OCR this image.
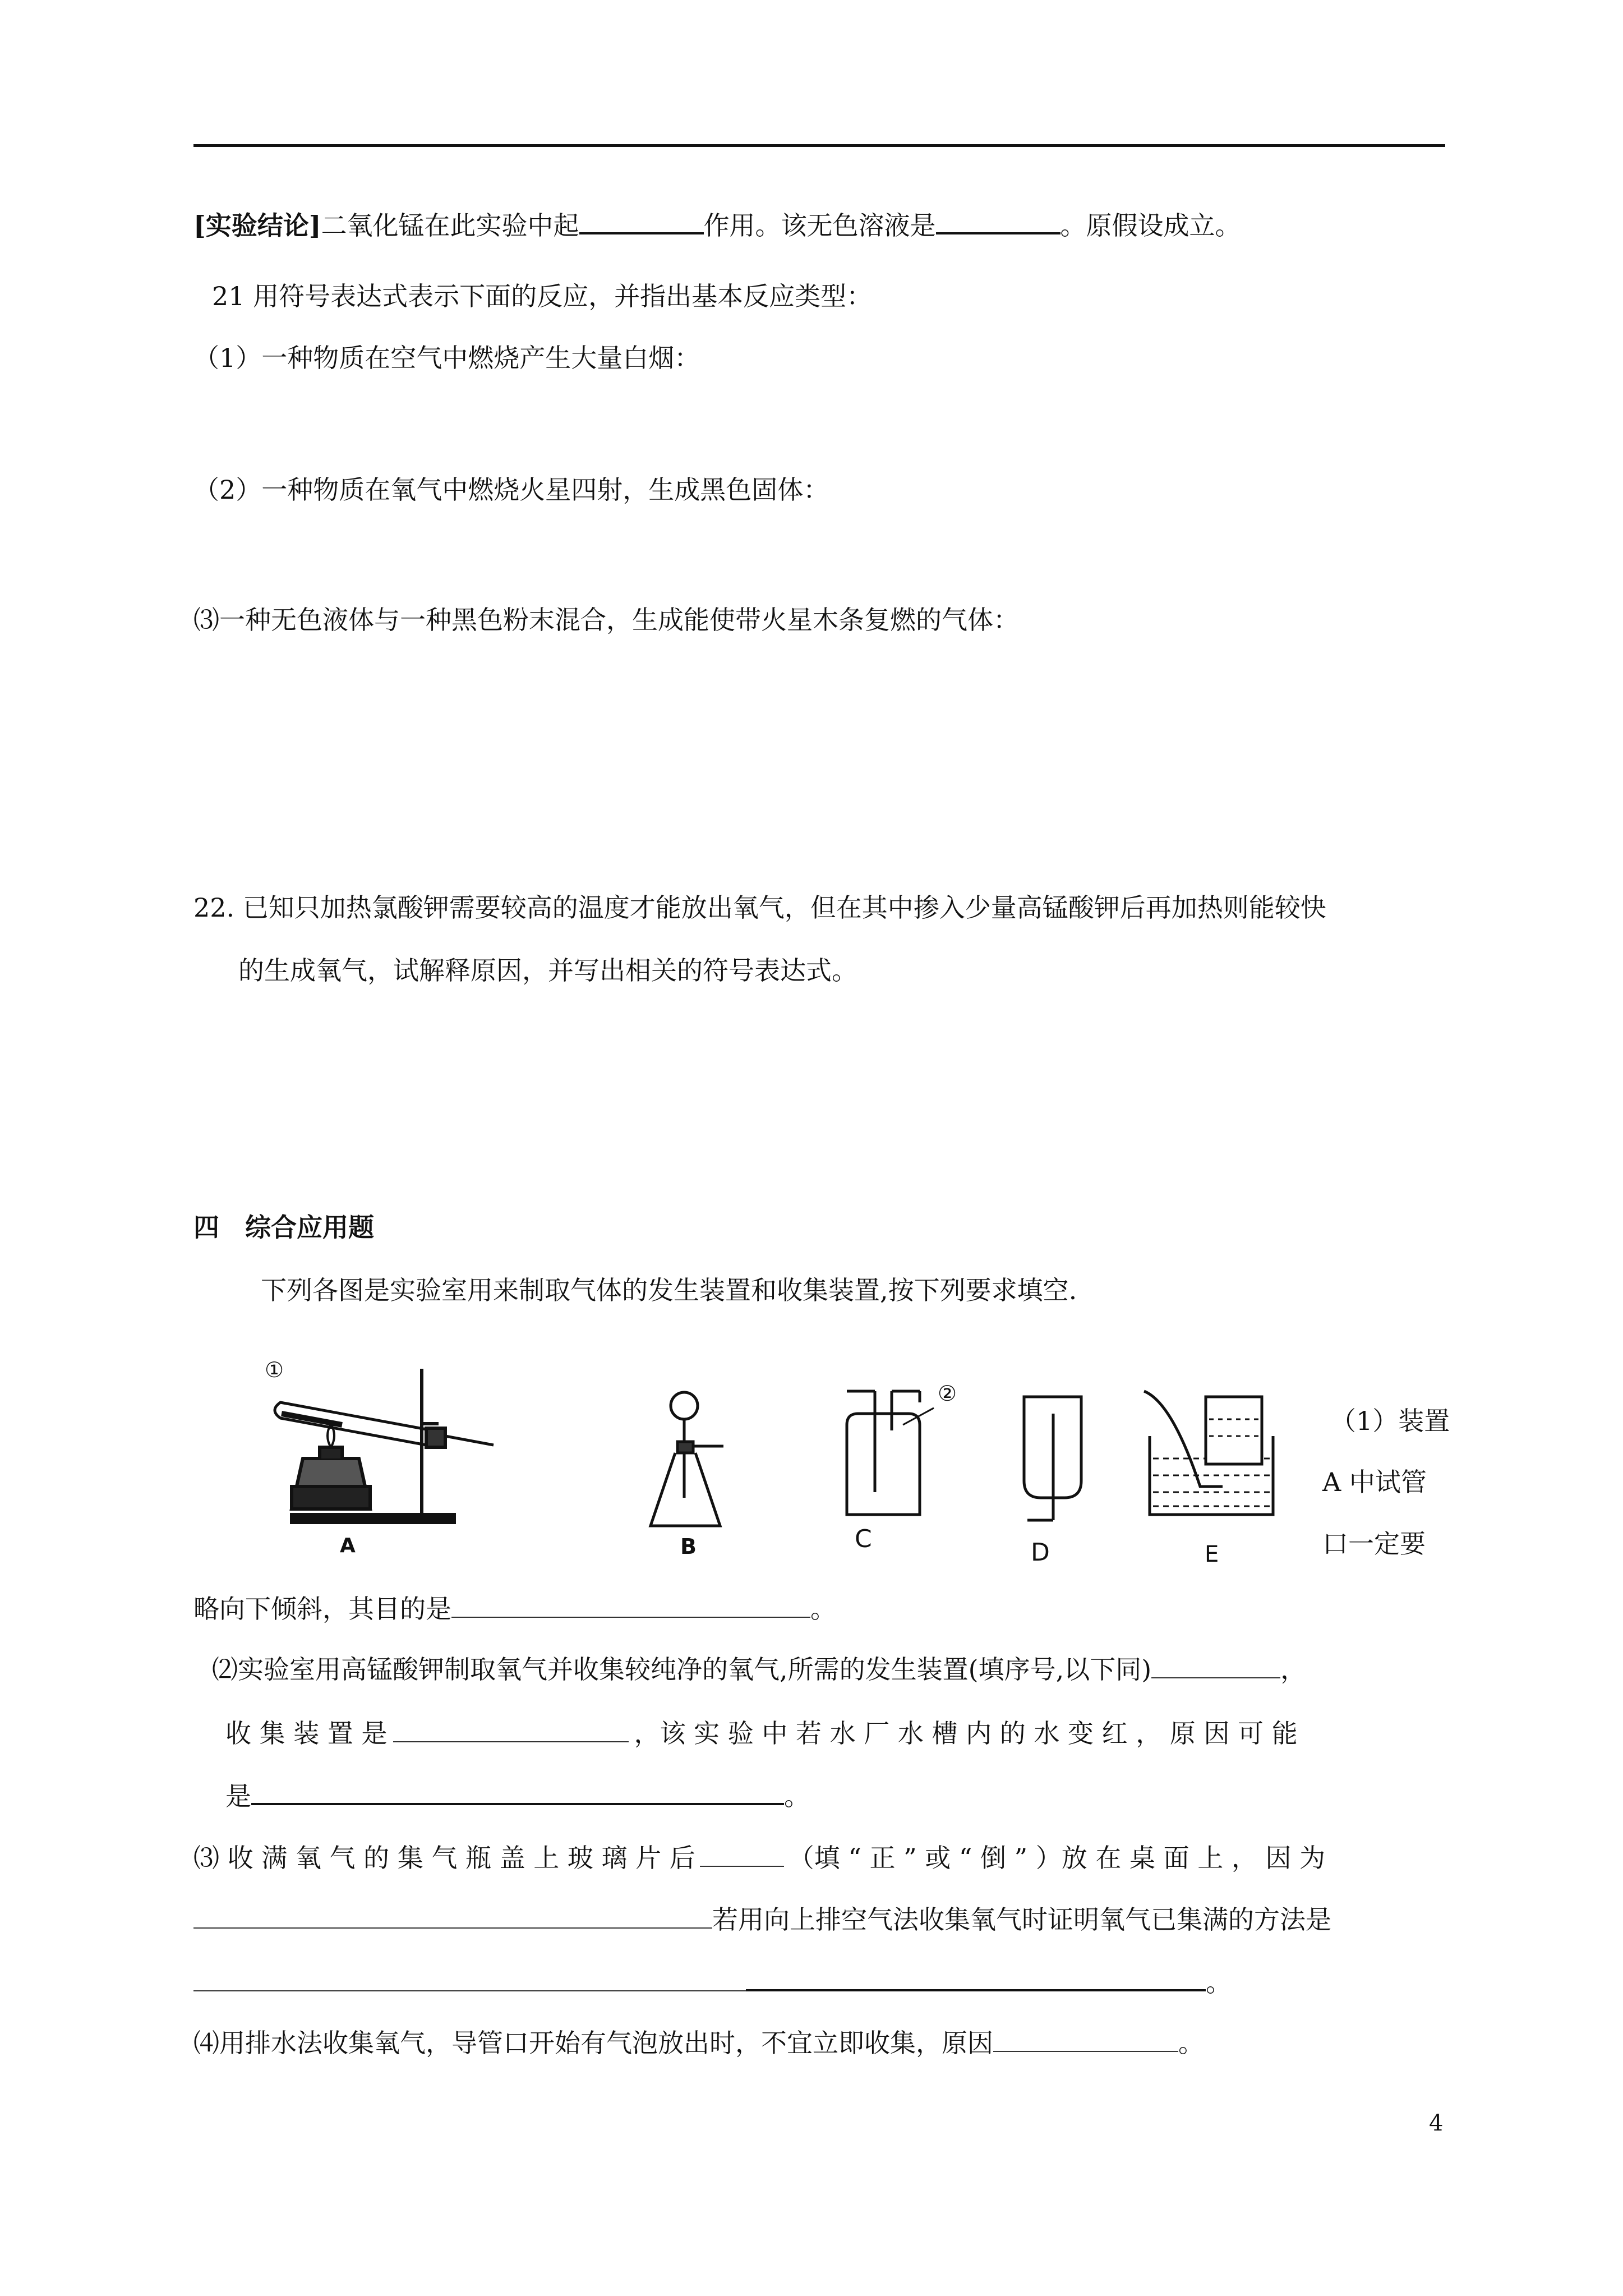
[实验结论]二氧化锰在此实验中起	作用。该无色溶液是	。原假设成立。
21 用符号表达式表示下面的反应，并指出基本反应类型：
（1）一种物质在空气中燃烧产生大量白烟：
（2）一种物质在氧气中燃烧火星四射，生成黑色固体：
⑶一种无色液体与一种黑色粉末混合，生成能使带火星木条复燃的气体：
22. 已知只加热氯酸钾需要较高的温度才能放出氧气，但在其中掺入少量高锰酸钾后再加热则能较快
的生成氧气，试解释原因，并写出相关的符号表达式。
四　综合应用题
下列各图是实验室用来制取气体的发生装置和收集装置,按下列要求填空.
A
①
B	C
②
D	E
（1）装置
A 中试管
口一定要
略向下倾斜，其目的是	。
⑵实验室用高锰酸钾制取氧气并收集较纯净的氧气,所需的发生装置(填序号,以下同)	，
收 集 装 置 是	，该 实 验 中 若 水 厂 水 槽 内 的 水 变 红 ， 原 因 可 能
是	。
⑶ 收 满 氧 气 的 集 气 瓶 盖 上 玻 璃 片 后	（填 “ 正 ” 或 “ 倒 ” ）放 在 桌 面 上 ， 因 为
若用向上排空气法收集氧气时证明氧气已集满的方法是
。
⑷用排水法收集氧气，导管口开始有气泡放出时，不宜立即收集，原因	。
4
